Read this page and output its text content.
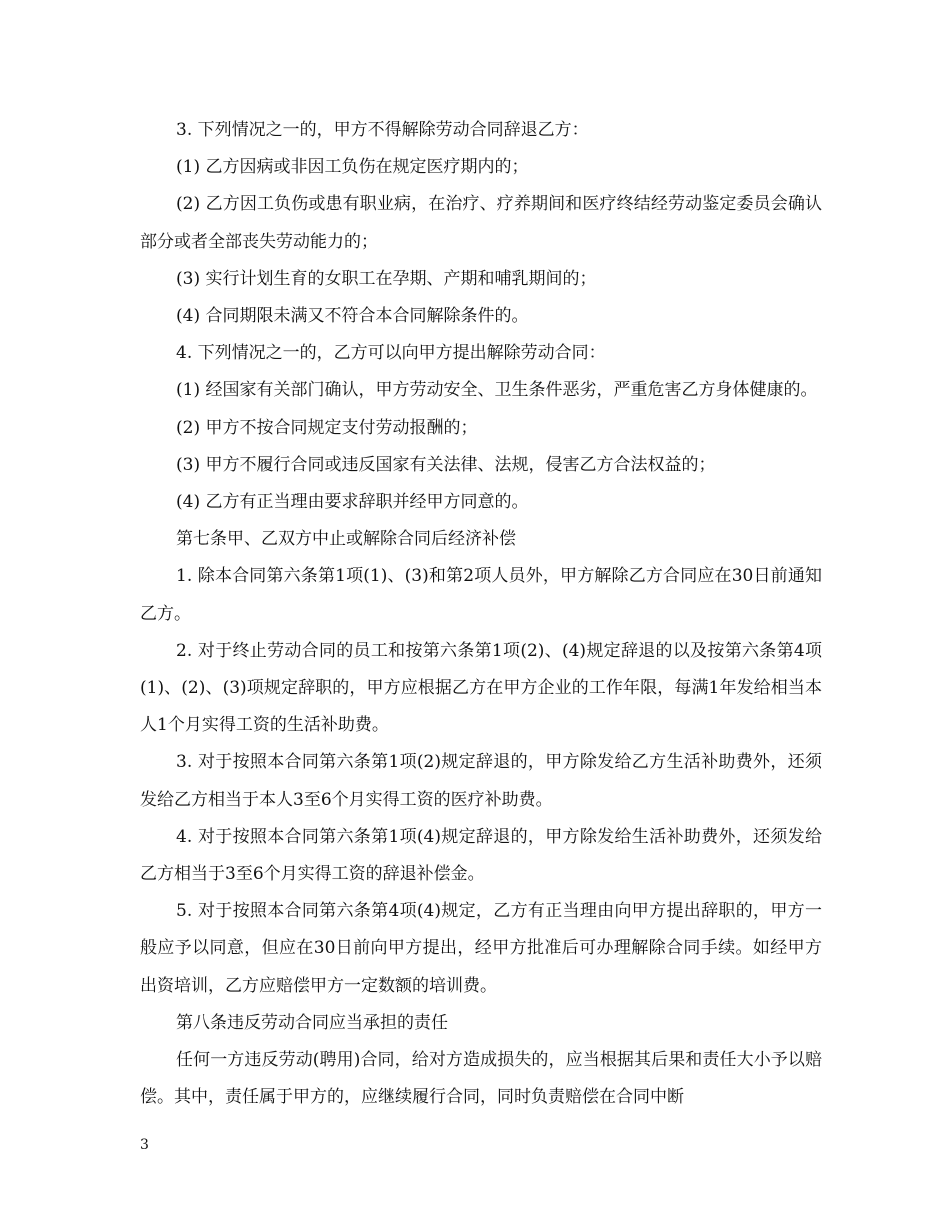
3. 下列情况之一的，甲方不得解除劳动合同辞退乙方：

(1) 乙方因病或非因工负伤在规定医疗期内的；

(2) 乙方因工负伤或患有职业病，在治疗、疗养期间和医疗终结经劳动鉴定委员会确认部分或者全部丧失劳动能力的；

(3) 实行计划生育的女职工在孕期、产期和哺乳期间的；

(4) 合同期限未满又不符合本合同解除条件的。

4. 下列情况之一的，乙方可以向甲方提出解除劳动合同：

(1) 经国家有关部门确认，甲方劳动安全、卫生条件恶劣，严重危害乙方身体健康的。

(2) 甲方不按合同规定支付劳动报酬的；

(3) 甲方不履行合同或违反国家有关法律、法规，侵害乙方合法权益的；

(4) 乙方有正当理由要求辞职并经甲方同意的。

第七条甲、乙双方中止或解除合同后经济补偿

1. 除本合同第六条第1项(1)、(3)和第2项人员外，甲方解除乙方合同应在30日前通知乙方。

2. 对于终止劳动合同的员工和按第六条第1项(2)、(4)规定辞退的以及按第六条第4项(1)、(2)、(3)项规定辞职的，甲方应根据乙方在甲方企业的工作年限，每满1年发给相当本人1个月实得工资的生活补助费。

3. 对于按照本合同第六条第1项(2)规定辞退的，甲方除发给乙方生活补助费外，还须发给乙方相当于本人3至6个月实得工资的医疗补助费。

4. 对于按照本合同第六条第1项(4)规定辞退的，甲方除发给生活补助费外，还须发给乙方相当于3至6个月实得工资的辞退补偿金。

5. 对于按照本合同第六条第4项(4)规定，乙方有正当理由向甲方提出辞职的，甲方一般应予以同意，但应在30日前向甲方提出，经甲方批准后可办理解除合同手续。如经甲方出资培训，乙方应赔偿甲方一定数额的培训费。

第八条违反劳动合同应当承担的责任

任何一方违反劳动(聘用)合同，给对方造成损失的，应当根据其后果和责任大小予以赔偿。其中，责任属于甲方的，应继续履行合同，同时负责赔偿在合同中断

3
